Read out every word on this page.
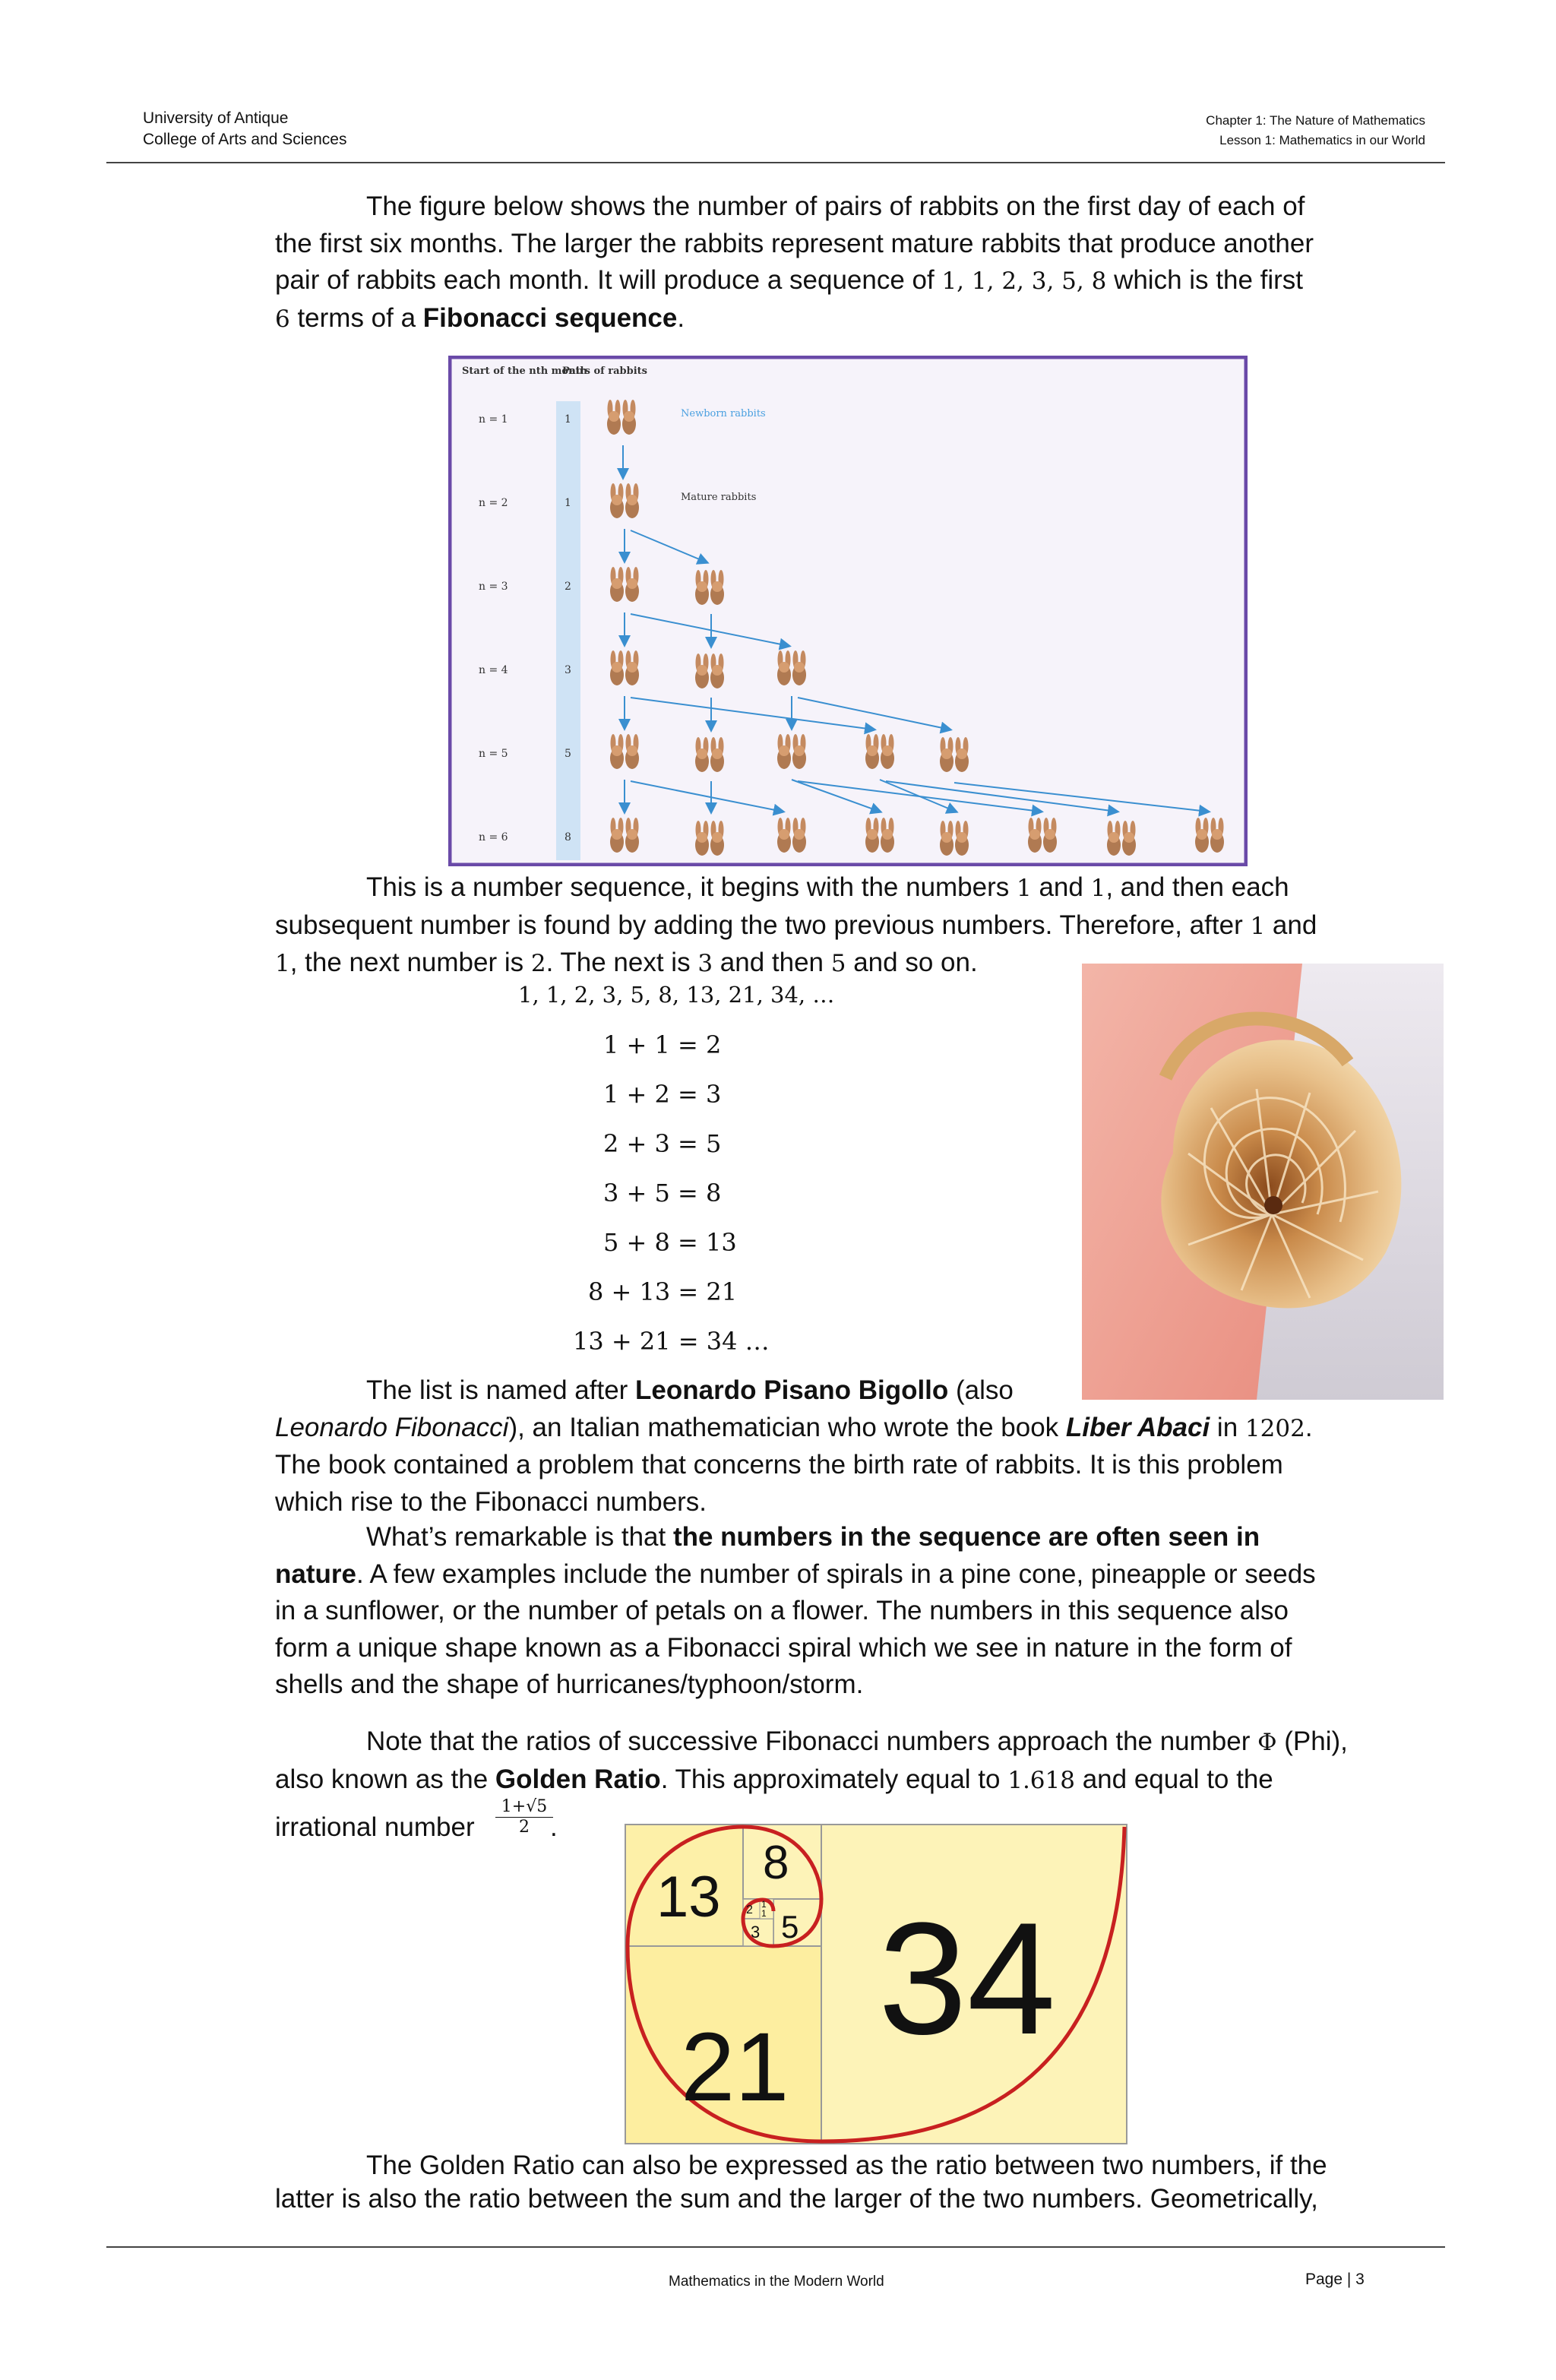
University of Antique
College of Arts and Sciences
Chapter 1: The Nature of Mathematics
Lesson 1: Mathematics in our World
The figure below shows the number of pairs of rabbits on the first day of each of
the first six months. The larger the rabbits represent mature rabbits that produce another
pair of rabbits each month. It will produce a sequence of 1, 1, 2, 3, 5, 8 which is the first
6 terms of a Fibonacci sequence.
Start of the nth month
Pairs of rabbits
n = 1
n = 2
n = 3
n = 4
n = 5
n = 6
1
1
2
3
5
8
Newborn rabbits
Mature rabbits
This is a number sequence, it begins with the numbers 1 and 1, and then each
subsequent number is found by adding the two previous numbers. Therefore, after 1 and
1, the next number is 2. The next is 3 and then 5 and so on.
1, 1, 2, 3, 5, 8, 13, 21, 34, …
1 + 1 = 2
1 + 2 = 3
2 + 3 = 5
3 + 5 = 8
5 + 8 = 13
8 + 13 = 21
13 + 21 = 34 …
The list is named after Leonardo Pisano Bigollo (also
Leonardo Fibonacci), an Italian mathematician who wrote the book Liber Abaci in 1202.
The book contained a problem that concerns the birth rate of rabbits. It is this problem
which rise to the Fibonacci numbers.
What’s remarkable is that the numbers in the sequence are often seen in
nature. A few examples include the number of spirals in a pine cone, pineapple or seeds
in a sunflower, or the number of petals on a flower. The numbers in this sequence also
form a unique shape known as a Fibonacci spiral which we see in nature in the form of
shells and the shape of hurricanes/typhoon/storm.
Note that the ratios of successive Fibonacci numbers approach the number Φ (Phi),
also known as the Golden Ratio. This approximately equal to 1.618 and equal to the
irrational number $\frac{1+√5}{2}$
.
13
8
2 1
1
3 5
21 34
The Golden Ratio can also be expressed as the ratio between two numbers, if the
latter is also the ratio between the sum and the larger of the two numbers. Geometrically,
Mathematics in the Modern World	Page | 3
